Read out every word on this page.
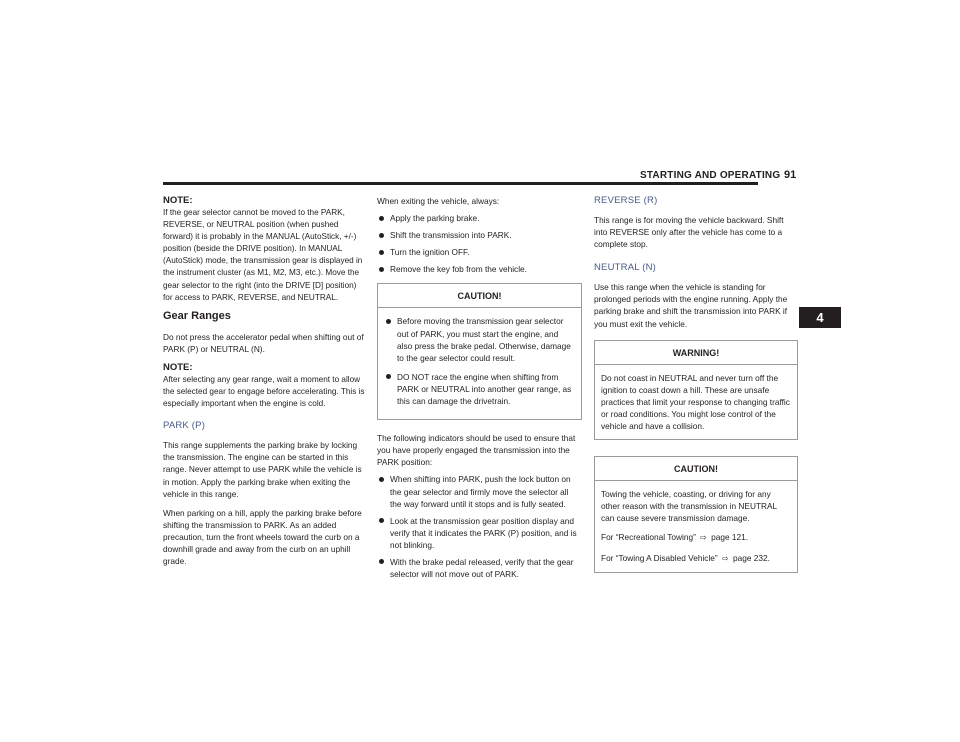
STARTING AND OPERATING 91
4

NOTE:

If the gear selector cannot be moved to the PARK, REVERSE, or NEUTRAL position (when pushed forward) it is probably in the MANUAL (AutoStick, +/-) position (beside the DRIVE position). In MANUAL (AutoStick) mode, the transmission gear is displayed in the instrument cluster (as M1, M2, M3, etc.). Move the gear selector to the right (into the DRIVE [D] position) for access to PARK, REVERSE, and NEUTRAL.

Gear Ranges

Do not press the accelerator pedal when shifting out of PARK (P) or NEUTRAL (N).

NOTE:

After selecting any gear range, wait a moment to allow the selected gear to engage before accelerating. This is especially important when the engine is cold.

PARK (P)

This range supplements the parking brake by locking the transmission. The engine can be started in this range. Never attempt to use PARK while the vehicle is in motion. Apply the parking brake when exiting the vehicle in this range.

When parking on a hill, apply the parking brake before shifting the transmission to PARK. As an added precaution, turn the front wheels toward the curb on a downhill grade and away from the curb on an uphill grade.

When exiting the vehicle, always:

Apply the parking brake.
Shift the transmission into PARK.
Turn the ignition OFF.
Remove the key fob from the vehicle.
CAUTION!
Before moving the transmission gear selector out of PARK, you must start the engine, and also press the brake pedal. Otherwise, damage to the gear selector could result.
DO NOT race the engine when shifting from PARK or NEUTRAL into another gear range, as this can damage the drivetrain.

The following indicators should be used to ensure that you have properly engaged the transmission into the PARK position:

When shifting into PARK, push the lock button on the gear selector and firmly move the selector all the way forward until it stops and is fully seated.
Look at the transmission gear position display and verify that it indicates the PARK (P) position, and is not blinking.
With the brake pedal released, verify that the gear selector will not move out of PARK.
REVERSE (R)

This range is for moving the vehicle backward. Shift into REVERSE only after the vehicle has come to a complete stop.

NEUTRAL (N)

Use this range when the vehicle is standing for prolonged periods with the engine running. Apply the parking brake and shift the transmission into PARK if you must exit the vehicle.

WARNING!

Do not coast in NEUTRAL and never turn off the ignition to coast down a hill. These are unsafe practices that limit your response to changing traffic or road conditions. You might lose control of the vehicle and have a collision.

CAUTION!

Towing the vehicle, coasting, or driving for any other reason with the transmission in NEUTRAL can cause severe transmission damage.

For “Recreational Towing” ⇨ page 121.

For “Towing A Disabled Vehicle” ⇨ page 232.
